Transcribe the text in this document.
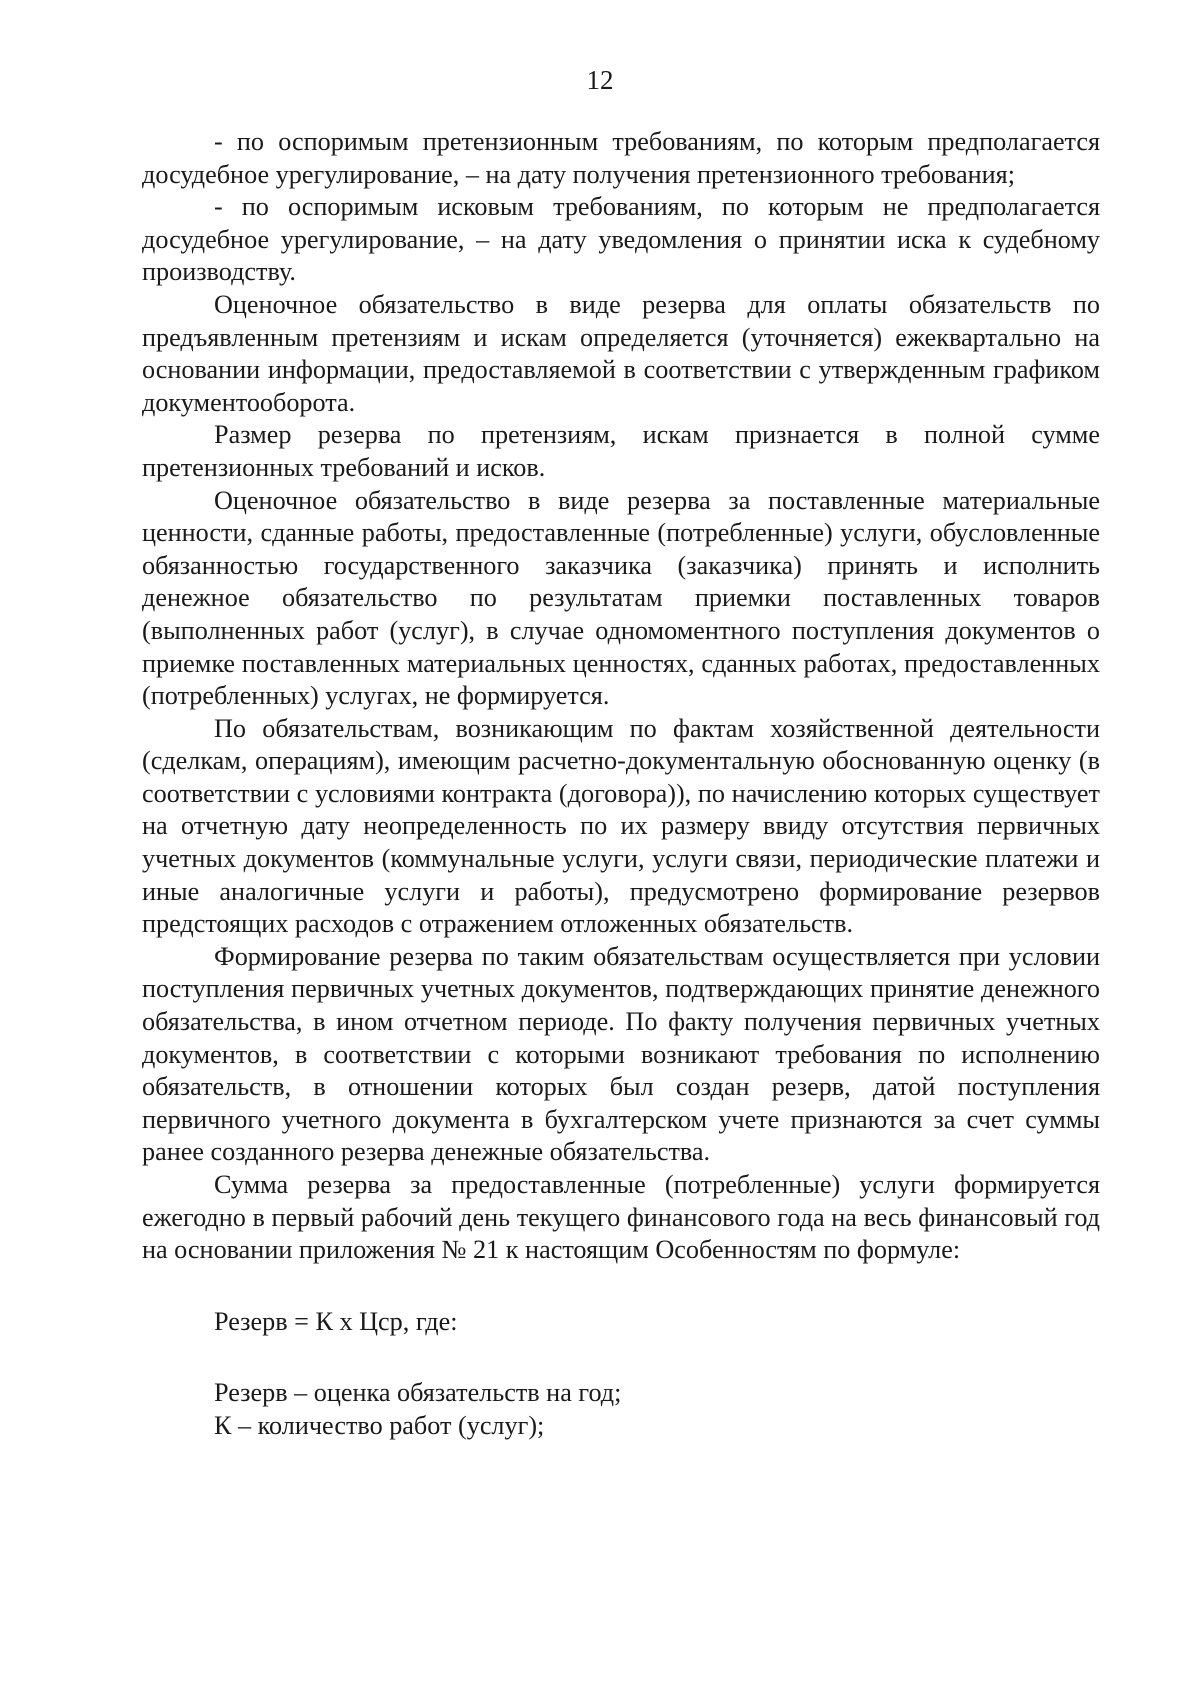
12

- по оспоримым претензионным требованиям, по которым предполагается досудебное урегулирование, – на дату получения претензионного требования;

- по оспоримым исковым требованиям, по которым не предполагается досудебное урегулирование, – на дату уведомления о принятии иска к судебному производству.

Оценочное обязательство в виде резерва для оплаты обязательств по предъявленным претензиям и искам определяется (уточняется) ежеквартально на основании информации, предоставляемой в соответствии с утвержденным графиком документооборота.

Размер резерва по претензиям, искам признается в полной сумме претензионных требований и исков.

Оценочное обязательство в виде резерва за поставленные материальные ценности, сданные работы, предоставленные (потребленные) услуги, обусловленные обязанностью государственного заказчика (заказчика) принять и исполнить денежное обязательство по результатам приемки поставленных товаров (выполненных работ (услуг), в случае одномоментного поступления документов о приемке поставленных материальных ценностях, сданных работах, предоставленных (потребленных) услугах, не формируется.

По обязательствам, возникающим по фактам хозяйственной деятельности (сделкам, операциям), имеющим расчетно-документальную обоснованную оценку (в соответствии с условиями контракта (договора)), по начислению которых существует на отчетную дату неопределенность по их размеру ввиду отсутствия первичных учетных документов (коммунальные услуги, услуги связи, периодические платежи и иные аналогичные услуги и работы), предусмотрено формирование резервов предстоящих расходов с отражением отложенных обязательств.

Формирование резерва по таким обязательствам осуществляется при условии поступления первичных учетных документов, подтверждающих принятие денежного обязательства, в ином отчетном периоде. По факту получения первичных учетных документов, в соответствии с которыми возникают требования по исполнению обязательств, в отношении которых был создан резерв, датой поступления первичного учетного документа в бухгалтерском учете признаются за счет суммы ранее созданного резерва денежные обязательства.

Сумма резерва за предоставленные (потребленные) услуги формируется ежегодно в первый рабочий день текущего финансового года на весь финансовый год на основании приложения № 21 к настоящим Особенностям по формуле:

Резерв = К х Цср, где:

Резерв – оценка обязательств на год;

К – количество работ (услуг);
